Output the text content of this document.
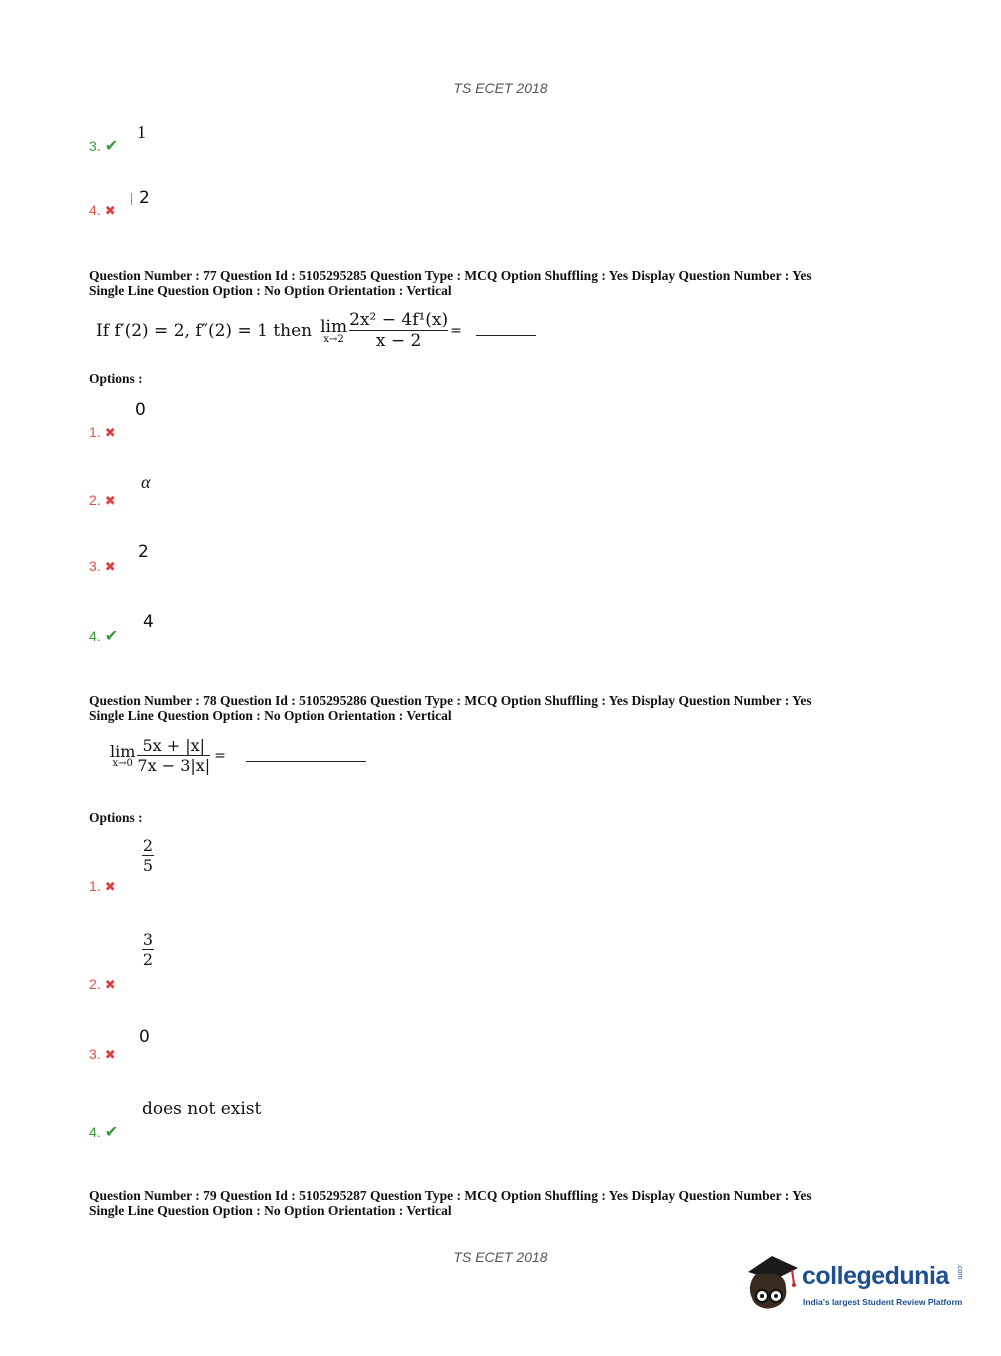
TS ECET 2018
3. ✔
1
4. ✖
2
Question Number : 77 Question Id : 5105295285 Question Type : MCQ Option Shuffling : Yes Display Question Number : Yes
Single Line Question Option : No Option Orientation : Vertical
If f′(2) = 2, f″(2) = 1 then lim
$x\to 2 \frac{\text{2x² − 4f¹(x)}}{x - 2}$ =
Options :
0
1. ✖
α
2. ✖
2
3. ✖
4
4. ✔
Question Number : 78 Question Id : 5105295286 Question Type : MCQ Option Shuffling : Yes Display Question Number : Yes
Single Line Question Option : No Option Orientation : Vertical
lim
$x\to 0 \frac{5x + |x|}{7x - 3|x|}$ =
Options :
2
5
1. ✖
3
2
2. ✖
0
3. ✖
does not exist
4. ✔
Question Number : 79 Question Id : 5105295287 Question Type : MCQ Option Shuffling : Yes Display Question Number : Yes
Single Line Question Option : No Option Orientation : Vertical
TS ECET 2018
collegedunia .com
India's largest Student Review Platform
